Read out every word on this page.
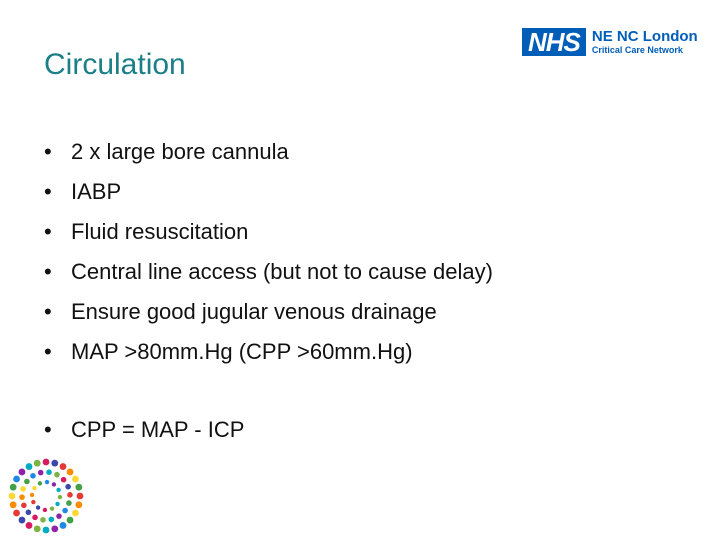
Circulation
NHS NE NC London
Critical Care Network
• 2 x large bore cannula
• IABP
• Fluid resuscitation
• Central line access (but not to cause delay)
• Ensure good jugular venous drainage
• MAP >80mm.Hg (CPP >60mm.Hg)
• CPP = MAP - ICP
